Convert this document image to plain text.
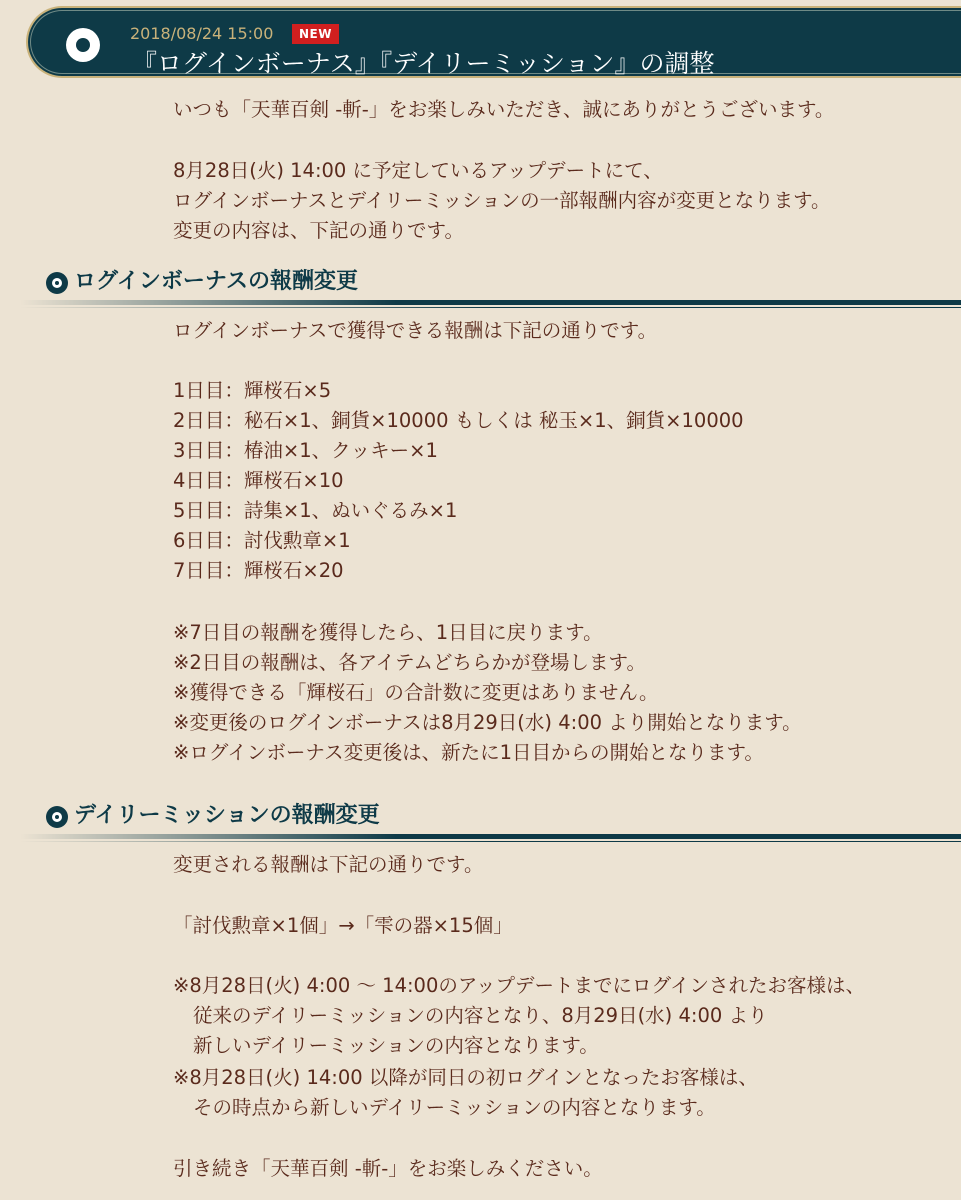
2018/08/24 15:00	NEW
『ログインボーナス』『デイリーミッション』の調整
いつも「天華百剣 -斬-」をお楽しみいただき、誠にありがとうございます。
8月28日(火) 14:00 に予定しているアップデートにて、
ログインボーナスとデイリーミッションの一部報酬内容が変更となります。
変更の内容は、下記の通りです。
ログインボーナスの報酬変更
ログインボーナスで獲得できる報酬は下記の通りです。
1日目：輝桜石×5
2日目：秘石×1、銅貨×10000 もしくは 秘玉×1、銅貨×10000
3日目：椿油×1、クッキー×1
4日目：輝桜石×10
5日目：詩集×1、ぬいぐるみ×1
6日目：討伐勲章×1
7日目：輝桜石×20
※7日目の報酬を獲得したら、1日目に戻ります。
※2日目の報酬は、各アイテムどちらかが登場します。
※獲得できる「輝桜石」の合計数に変更はありません。
※変更後のログインボーナスは8月29日(水) 4:00 より開始となります。
※ログインボーナス変更後は、新たに1日目からの開始となります。
デイリーミッションの報酬変更
変更される報酬は下記の通りです。
「討伐勲章×1個」→「雫の器×15個」
※8月28日(火) 4:00 〜 14:00のアップデートまでにログインされたお客様は、
従来のデイリーミッションの内容となり、8月29日(水) 4:00 より
新しいデイリーミッションの内容となります。
※8月28日(火) 14:00 以降が同日の初ログインとなったお客様は、
その時点から新しいデイリーミッションの内容となります。
引き続き「天華百剣 -斬-」をお楽しみください。
